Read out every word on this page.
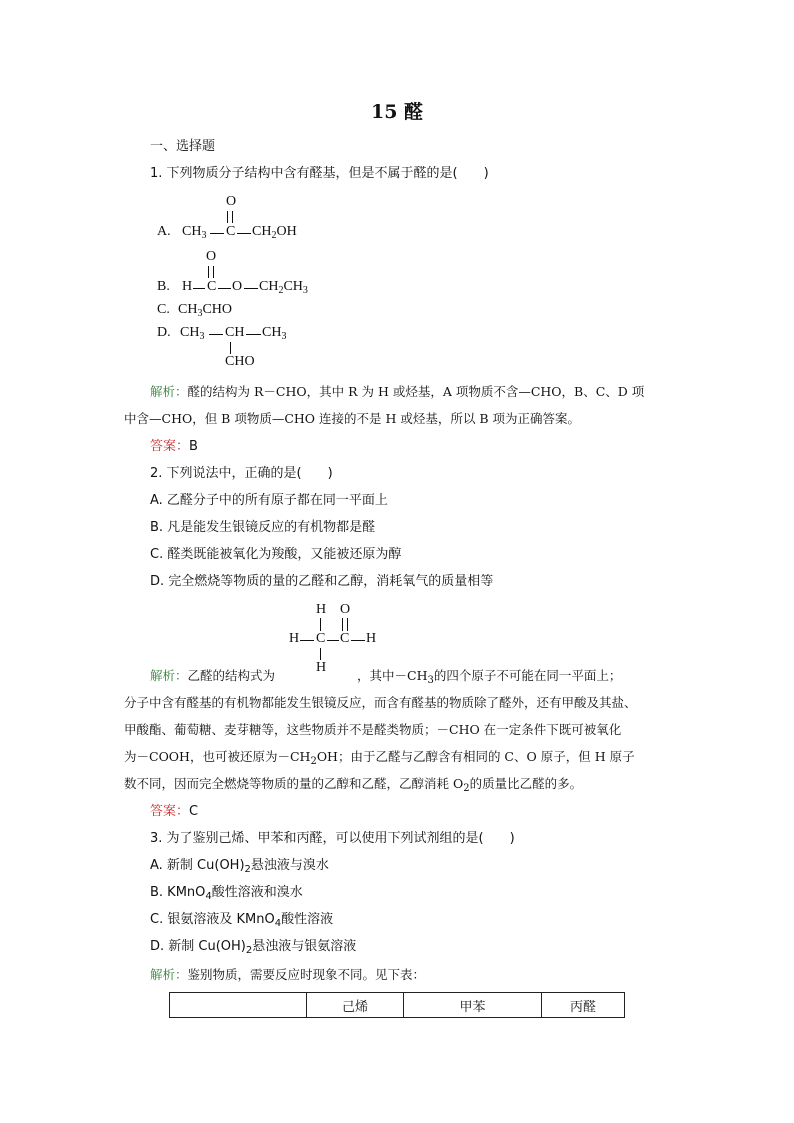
15 醛
一、选择题
1. 下列物质分子结构中含有醛基，但是不属于醛的是(　　)
A.
O
$CH_3$ C $CH_2OH$
B.
O
H C O $CH_2CH_3$
C. $CH_3CHO$
D. $CH_3$ CH $CH_3$
CHO
解析：醛的结构为 R－CHO，其中 R 为 H 或烃基，A 项物质不含—CHO，B、C、D 项
中含—CHO，但 B 项物质—CHO 连接的不是 H 或烃基，所以 B 项为正确答案。
答案：B
2. 下列说法中，正确的是(　　)
A. 乙醛分子中的所有原子都在同一平面上
B. 凡是能发生银镜反应的有机物都是醛
C. 醛类既能被氧化为羧酸，又能被还原为醇
D. 完全燃烧等物质的量的乙醛和乙醇，消耗氧气的质量相等
H O
H C C H
H
解析：乙醛的结构式为	，其中$-CH_3$的四个原子不可能在同一平面上；
分子中含有醛基的有机物都能发生银镜反应，而含有醛基的物质除了醛外，还有甲酸及其盐、
甲酸酯、葡萄糖、麦芽糖等，这些物质并不是醛类物质；－CHO 在一定条件下既可被氧化
为－COOH，也可被还原为$-CH_2OH$；由于乙醛与乙醇含有相同的 C、O 原子，但 H 原子
数不同，因而完全燃烧等物质的量的乙醇和乙醛，乙醇消耗 $O_2$的质量比乙醛的多。
答案：C
3. 为了鉴别己烯、甲苯和丙醛，可以使用下列试剂组的是(　　)
A. 新制 $Cu(OH)_2$悬浊液与溴水
B. KMnO$_4$酸性溶液和溴水
C. 银氨溶液及 KMnO$_4$酸性溶液
D. 新制 $Cu(OH)_2$悬浊液与银氨溶液
解析：鉴别物质，需要反应时现象不同。见下表：
	己烯	甲苯	丙醛
